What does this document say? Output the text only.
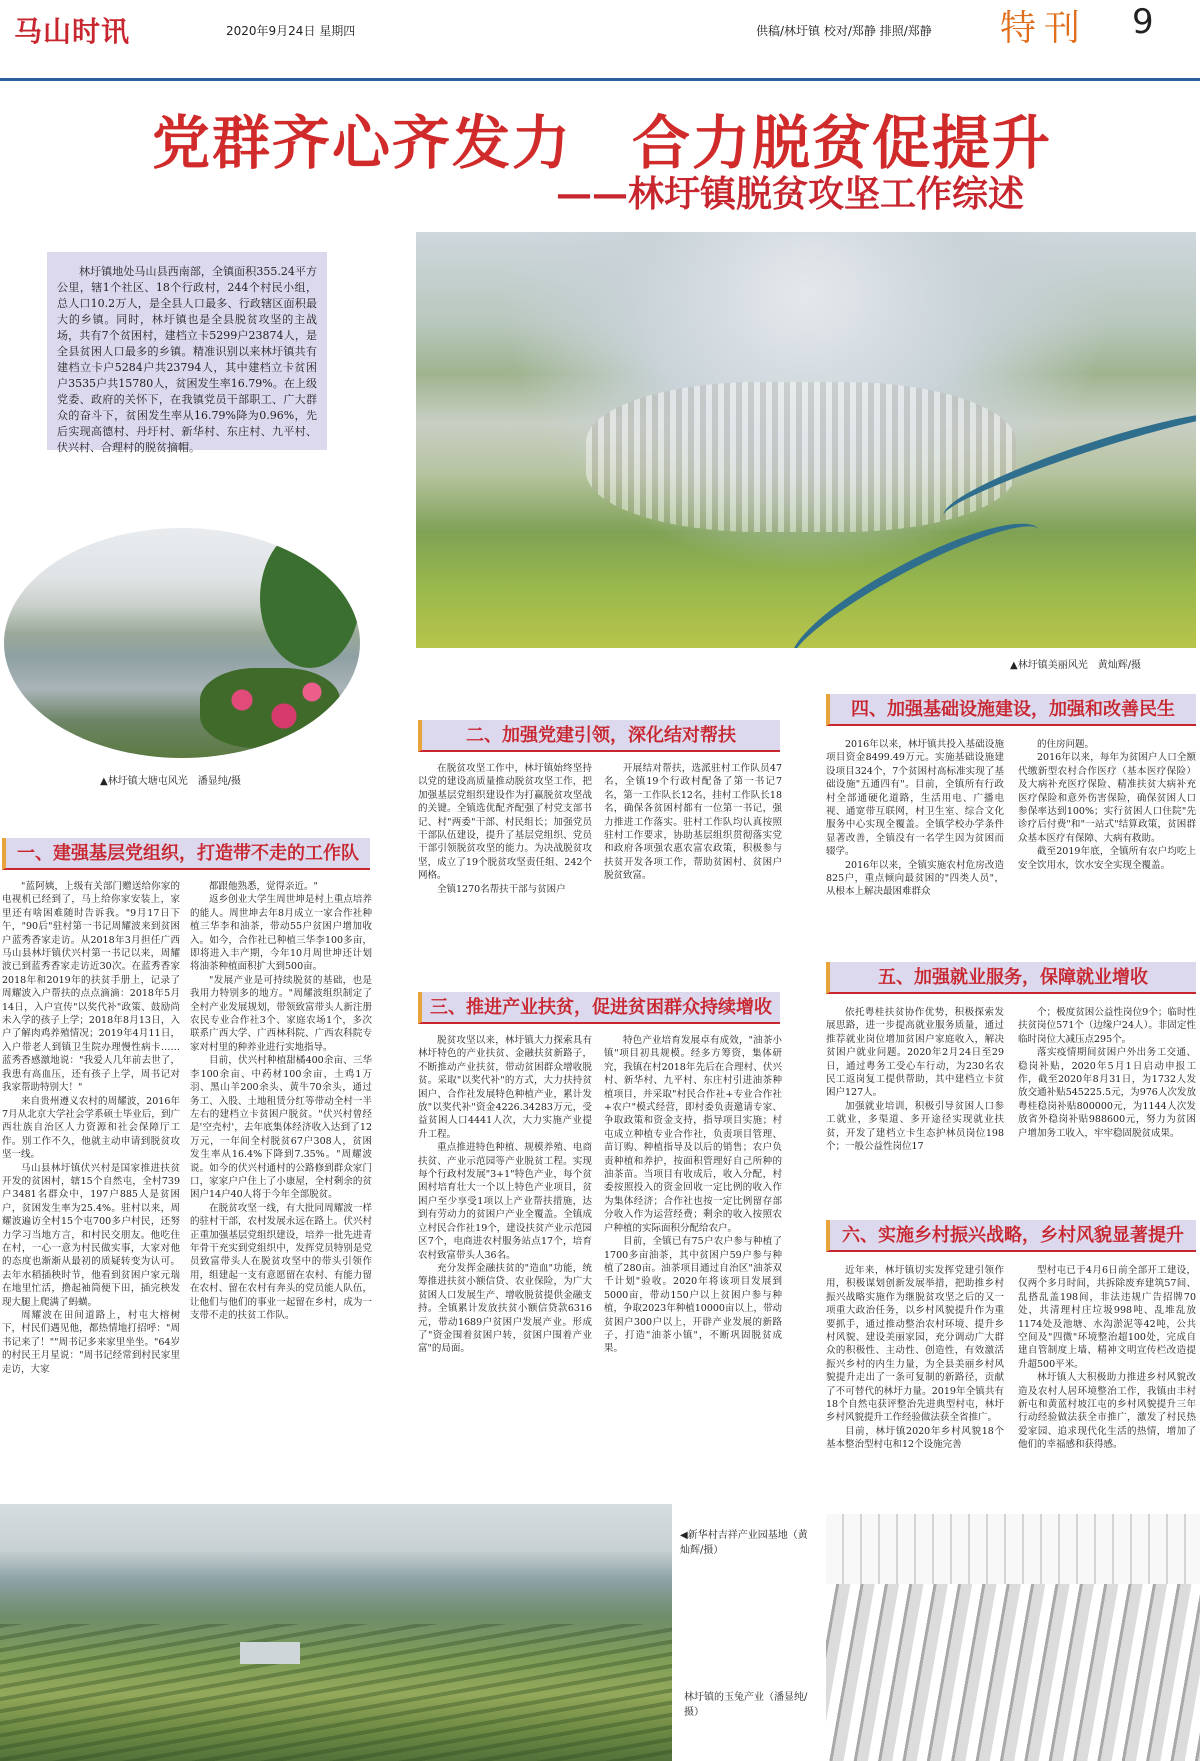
马山时讯	2020年9月24日 星期四	供稿/林圩镇 校对/郑静 排照/郑静 特刊 9
党群齐心齐发力　合力脱贫促提升
——林圩镇脱贫攻坚工作综述
林圩镇地处马山县西南部，全镇面积355.24平方公里，辖1个社区、18个行政村，244个村民小组，总人口10.2万人，是全县人口最多、行政辖区面积最大的乡镇。同时，林圩镇也是全县脱贫攻坚的主战场，共有7个贫困村，建档立卡5299户23874人，是全县贫困人口最多的乡镇。精准识别以来林圩镇共有建档立卡户5284户共23794人，其中建档立卡贫困户3535户共15780人，贫困发生率16.79%。在上级党委、政府的关怀下，在我镇党员干部职工、广大群众的奋斗下，贫困发生率从16.79%降为0.96%，先后实现高德村、丹圩村、新华村、东庄村、九平村、伏兴村、合理村的脱贫摘帽。
▲林圩镇美丽风光　黄灿辉/摄
▲林圩镇大塘屯风光　潘显纯/摄
◀新华村吉祥产业园基地（黄灿辉/摄）
林圩镇的玉兔产业（潘显纯/摄）
一、建强基层党组织，打造带不走的工作队
二、加强党建引领，深化结对帮扶
三、推进产业扶贫，促进贫困群众持续增收
四、加强基础设施建设，加强和改善民生
五、加强就业服务，保障就业增收
六、实施乡村振兴战略，乡村风貌显著提升

"蓝阿姨，上级有关部门赠送给你家的电视机已经到了，马上给你家安装上，家里还有啥困难随时告诉我。"9月17日下午，"90后"驻村第一书记周耀波来到贫困户蓝秀香家走访。从2018年3月担任广西马山县林圩镇伏兴村第一书记以来，周耀波已到蓝秀香家走访近30次。在蓝秀香家2018年和2019年的扶贫手册上，记录了周耀波入户帮扶的点点滴滴：2018年5月14日，入户宣传"以奖代补"政策、鼓励尚未入学的孩子上学；2018年8月13日，入户了解肉鸡养殖情况；2019年4月11日，入户带老人到镇卫生院办理慢性病卡……蓝秀香感激地说："我爱人几年前去世了，我患有高血压，还有孩子上学，周书记对我家帮助特别大！"

来自贵州遵义农村的周耀波，2016年7月从北京大学社会学系硕士毕业后，到广西壮族自治区人力资源和社会保障厅工作。别工作不久，他就主动申请到脱贫攻坚一线。

马山县林圩镇伏兴村是国家推进扶贫开发的贫困村，辖15个自然屯，全村739户3481名群众中，197户885人是贫困户，贫困发生率为25.4%。驻村以来，周耀波遍访全村15个屯700多户村民，还努力学习当地方言，和村民交朋友。他吃住在村，一心一意为村民做实事，大家对他的态度也渐渐从最初的质疑转变为认可。去年水稻插秧时节，他看到贫困户家元瑞在地里忙活，撸起袖筒便下田，插完秧发现大腿上爬满了蚂蟥。

周耀波在田间道路上，村屯大榕树下，村民们遇见他，都热情地打招呼："周书记来了！""周书记多来家里坐坐。"64岁的村民王月星说："周书记经常到村民家里走访，大家

都跟他熟悉，觉得亲近。"

返乡创业大学生周世坤是村上重点培养的能人。周世坤去年8月成立一家合作社种植三华李和油茶，带动55户贫困户增加收入。如今，合作社已种植三华李100多亩，即将进入丰产期，今年10月周世坤还计划将油茶种植面积扩大到500亩。

"发展产业是可持续脱贫的基础，也是我用力特别多的地方。"周耀波组织制定了全村产业发展规划，带领致富带头人新注册农民专业合作社3个、家庭农场1个，多次联系广西大学、广西林科院、广西农科院专家对村里的种养业进行实地指导。

目前，伏兴村种植甜橘400余亩、三华李100余亩、中药材100余亩，土鸡1万羽、黑山羊200余头、黄牛70余头，通过务工、入股、土地租赁分红等带动全村一半左右的建档立卡贫困户脱贫。"伏兴村曾经是'空壳村'，去年底集体经济收入达到了12万元，一年间全村脱贫67户308人，贫困发生率从16.4%下降到7.35%。"周耀波说。如今的伏兴村通村的公路修到群众家门口，家家户户住上了小康屋，全村剩余的贫困户14户40人将于今年全部脱贫。

在脱贫攻坚一线，有大批同周耀波一样的驻村干部，农村发展永远在路上。伏兴村正重加强基层党组织建设，培养一批先进青年骨干充实到党组织中，发挥党员特别是党员致富带头人在脱贫攻坚中的带头引领作用，组建起一支有意愿留在农村、有能力留在农村、留在农村有奔头的党员能人队伍，让他们与他们的事业一起留在乡村，成为一支带不走的扶贫工作队。

在脱贫攻坚工作中，林圩镇始终坚持以党的建设高质量推动脱贫攻坚工作，把加强基层党组织建设作为打赢脱贫攻坚战的关键。全镇选优配齐配强了村党支部书记、村"两委"干部、村民组长；加强党员干部队伍建设，提升了基层党组织、党员干部引领脱贫攻坚的能力。为决战脱贫攻坚，成立了19个脱贫攻坚责任组、242个网格。

全镇1270名帮扶干部与贫困户

开展结对帮扶，选派驻村工作队员47名，全镇19个行政村配备了第一书记7名，第一工作队长12名，挂村工作队长18名，确保各贫困村都有一位第一书记，强力推进工作落实。驻村工作队均认真按照驻村工作要求，协助基层组织贯彻落实党和政府各项强农惠农富农政策，积极参与扶贫开发各项工作，帮助贫困村、贫困户脱贫致富。

脱贫攻坚以来，林圩镇大力探索具有林圩特色的产业扶贫、金融扶贫新路子，不断推动产业扶贫，带动贫困群众增收脱贫。采取"以奖代补"的方式，大力扶持贫困户、合作社发展特色种植产业，累计发放"以奖代补"资金4226.34283万元，受益贫困人口4441人次，大力实施产业提升工程。

重点推进特色种植、规模养殖、电商扶贫、产业示范园等产业脱贫工程。实现每个行政村发展"3+1"特色产业，每个贫困村培育壮大一个以上特色产业项目，贫困户至少享受1项以上产业帮扶措施，达到有劳动力的贫困户产业全覆盖。全镇成立村民合作社19个，建设扶贫产业示范园区7个，电商进农村服务站点17个，培育农村致富带头人36名。

充分发挥金融扶贫的"造血"功能，统筹推进扶贫小额信贷、农业保险，为广大贫困人口发展生产、增收脱贫提供金融支持。全镇累计发放扶贫小额信贷款6316元，带动1689户贫困户发展产业。形成了"资金围着贫困户转，贫困户围着产业富"的局面。

特色产业培育发展卓有成效，"油茶小镇"项目初具规模。经多方筹资，集体研究，我镇在村2018年先后在合理村、伏兴村、新华村、九平村、东庄村引进油茶种植项目，并采取"村民合作社+专业合作社+农户"模式经营，即村委负责邀请专家、争取政策和资金支持，指导项目实施；村屯成立种植专业合作社，负责项目管理、苗订购、种植指导及以后的销售；农户负责种植和养护，按面积管理好自己所种的油茶苗。当项目有收成后，收入分配，村委按照投入的资金回收一定比例的收入作为集体经济；合作社也按一定比例留存部分收入作为运营经费；剩余的收入按照农户种植的实际面积分配给农户。

目前，全镇已有75户农户参与种植了1700多亩油茶，其中贫困户59户参与种植了280亩。油茶项目通过自治区"油茶双千计划"验收。2020年将该项目发展到5000亩，带动150户以上贫困户参与种植，争取2023年种植10000亩以上，带动贫困户300户以上，开辟产业发展的新路子，打造"油茶小镇"，不断巩固脱贫成果。

2016年以来，林圩镇共投入基础设施项目资金8499.49万元。实施基础设施建设项目324个，7个贫困村高标准实现了基础设施"五通四有"。目前，全镇所有行政村全部通硬化道路，生活用电、广播电视、通宽带互联网，村卫生室、综合文化服务中心实现全覆盖。全镇学校办学条件显著改善，全镇没有一名学生因为贫困而辍学。

2016年以来，全镇实施农村危房改造825户，重点倾向最贫困的"四类人员"，从根本上解决最困难群众

的住房问题。

2016年以来，每年为贫困户人口全额代缴新型农村合作医疗（基本医疗保险）及大病补充医疗保险、精准扶贫大病补充医疗保险和意外伤害保险，确保贫困人口参保率达到100%；实行贫困人口住院"先诊疗后付费"和"一站式"结算政策，贫困群众基本医疗有保障、大病有救助。

截至2019年底，全镇所有农户均吃上安全饮用水，饮水安全实现全覆盖。

依托粤桂扶贫协作优势，积极探索发展思路，进一步提高就业服务质量，通过推荐就业岗位增加贫困户家庭收入，解决贫困户就业问题。2020年2月24日至29日，通过粤务工受心车行动，为230名农民工返岗复工提供帮助，其中建档立卡贫困户127人。

加强就业培训，积极引导贫困人口参工就业，多渠道、多开途径实现就业扶贫，开发了建档立卡生态护林员岗位198个；一般公益性岗位17

个；极度贫困公益性岗位9个；临时性扶贫岗位571个（边缘户24人）。非固定性临时岗位大减压点295个。

落实疫情期间贫困户外出务工交通、稳岗补贴，2020年5月1日启动申报工作，截至2020年8月31日，为1732人发放交通补贴545225.5元，为976人次发放粤桂稳岗补贴800000元，为1144人次发放省外稳岗补贴988600元，努力为贫困户增加务工收入，牢牢稳固脱贫成果。

近年来，林圩镇切实发挥党建引领作用，积极谋划创新发展举措，把助推乡村振兴战略实施作为继脱贫攻坚之后的又一项重大政治任务，以乡村风貌提升作为重要抓手，通过推动整治农村环境、提升乡村风貌、建设美丽家园，充分调动广大群众的积极性、主动性、创造性，有效激活振兴乡村的内生力量，为全县美丽乡村风貌提升走出了一条可复制的新路径，贡献了不可替代的林圩力量。2019年全镇共有18个自然屯获评整治先进典型村屯，林圩乡村风貌提升工作经验做法获全省推广。

目前，林圩镇2020年乡村风貌18个基本整治型村屯和12个设施完善

型村屯已于4月6日前全部开工建设，仅两个多月时间，共拆除废弃建筑57间、乱搭乱盖198间，非法违规广告招牌70处，共清理村庄垃圾998吨、乱堆乱放1174处及池塘、水沟淤泥等42吨，公共空间及"四微"环境整治超100处，完成自建自管制度上墙、精神文明宣传栏改造提升超500平米。

林圩镇人大积极助力推进乡村风貌改造及农村人居环境整治工作，我镇由丰村新屯和黄蓝村坡江屯的乡村风貌提升三年行动经验做法获全市推广，激发了村民热爱家园、追求现代化生活的热情，增加了他们的幸福感和获得感。
